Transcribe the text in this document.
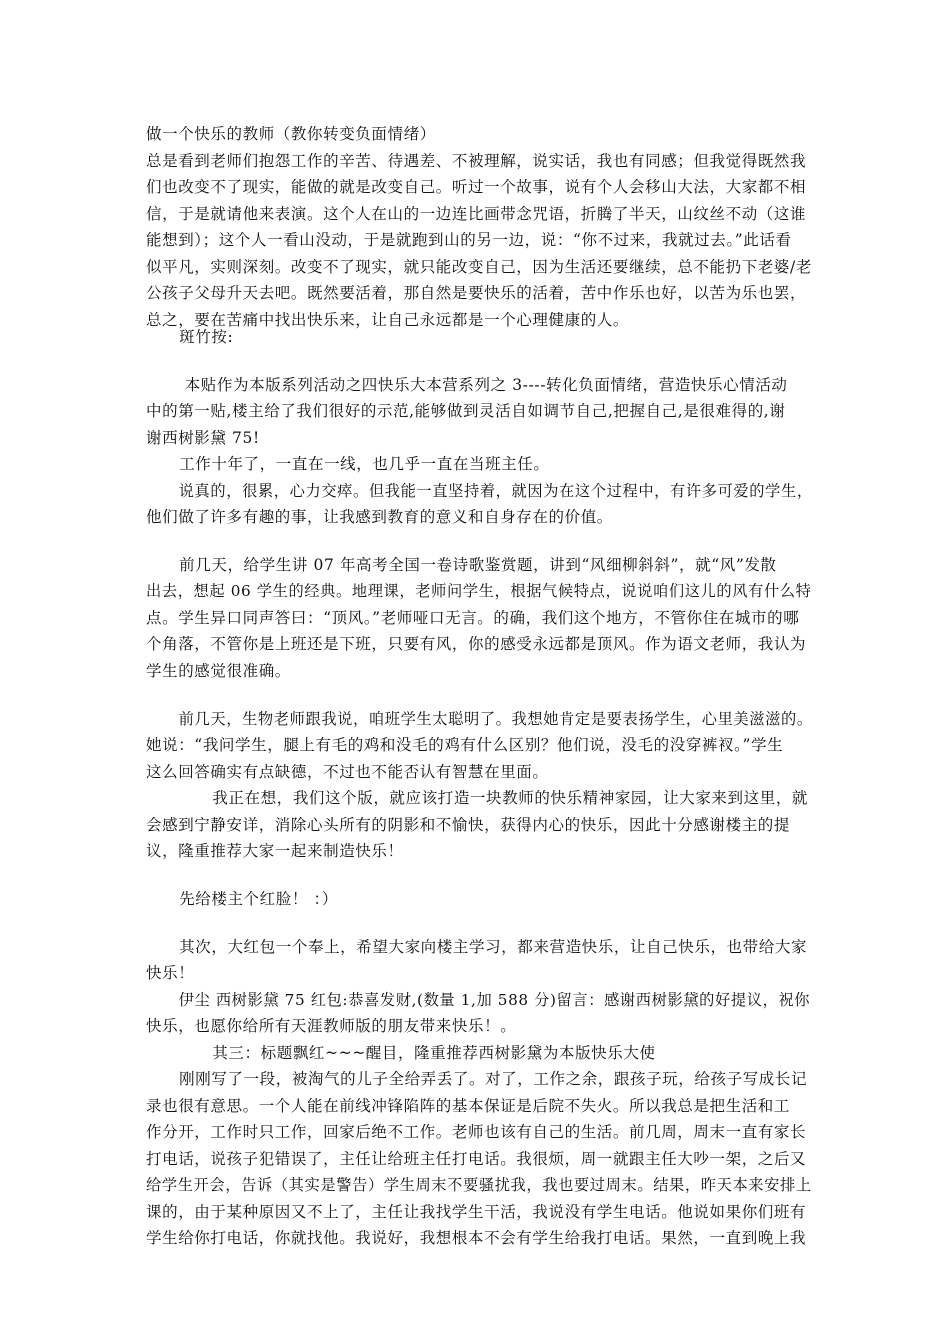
做一个快乐的教师（教你转变负面情绪）
总是看到老师们抱怨工作的辛苦、待遇差、不被理解，说实话，我也有同感；但我觉得既然我
们也改变不了现实，能做的就是改变自己。听过一个故事，说有个人会移山大法，大家都不相
信，于是就请他来表演。这个人在山的一边连比画带念咒语，折腾了半天，山纹丝不动（这谁
能想到）；这个人一看山没动，于是就跑到山的另一边，说：“你不过来，我就过去。”此话看
似平凡，实则深刻。改变不了现实，就只能改变自己，因为生活还要继续，总不能扔下老婆/老
公孩子父母升天去吧。既然要活着，那自然是要快乐的活着，苦中作乐也好，以苦为乐也罢，
总之，要在苦痛中找出快乐来，让自己永远都是一个心理健康的人。
斑竹按:
本贴作为本版系列活动之四快乐大本营系列之 3----转化负面情绪，营造快乐心情活动
中的第一贴,楼主给了我们很好的示范,能够做到灵活自如调节自己,把握自己,是很难得的,谢
谢西树影黛 75!
工作十年了，一直在一线，也几乎一直在当班主任。
说真的，很累，心力交瘁。但我能一直坚持着，就因为在这个过程中，有许多可爱的学生，
他们做了许多有趣的事，让我感到教育的意义和自身存在的价值。
前几天，给学生讲 07 年高考全国一卷诗歌鉴赏题，讲到“风细柳斜斜”，就“风”发散
出去，想起 06 学生的经典。地理课，老师问学生，根据气候特点，说说咱们这儿的风有什么特
点。学生异口同声答曰：“顶风。”老师哑口无言。的确，我们这个地方，不管你住在城市的哪
个角落，不管你是上班还是下班，只要有风，你的感受永远都是顶风。作为语文老师，我认为
学生的感觉很准确。
前几天，生物老师跟我说，咱班学生太聪明了。我想她肯定是要表扬学生，心里美滋滋的。
她说：“我问学生，腿上有毛的鸡和没毛的鸡有什么区别？他们说，没毛的没穿裤衩。”学生
这么回答确实有点缺德，不过也不能否认有智慧在里面。
我正在想，我们这个版，就应该打造一块教师的快乐精神家园，让大家来到这里，就
会感到宁静安详，消除心头所有的阴影和不愉快，获得内心的快乐，因此十分感谢楼主的提
议，隆重推荐大家一起来制造快乐！
先给楼主个红脸！ ：）
其次，大红包一个奉上，希望大家向楼主学习，都来营造快乐，让自己快乐，也带给大家
快乐！
伊尘 西树影黛 75 红包:恭喜发财,(数量 1,加 588 分)留言：感谢西树影黛的好提议，祝你
快乐，也愿你给所有天涯教师版的朋友带来快乐！。
其三：标题飘红~~~醒目，隆重推荐西树影黛为本版快乐大使
刚刚写了一段，被淘气的儿子全给弄丢了。对了，工作之余，跟孩子玩，给孩子写成长记
录也很有意思。一个人能在前线冲锋陷阵的基本保证是后院不失火。所以我总是把生活和工
作分开，工作时只工作，回家后绝不工作。老师也该有自己的生活。前几周，周末一直有家长
打电话，说孩子犯错误了，主任让给班主任打电话。我很烦，周一就跟主任大吵一架，之后又
给学生开会，告诉（其实是警告）学生周末不要骚扰我，我也要过周末。结果，昨天本来安排上
课的，由于某种原因又不上了，主任让我找学生干活，我说没有学生电话。他说如果你们班有
学生给你打电话，你就找他。我说好，我想根本不会有学生给我打电话。果然，一直到晚上我
